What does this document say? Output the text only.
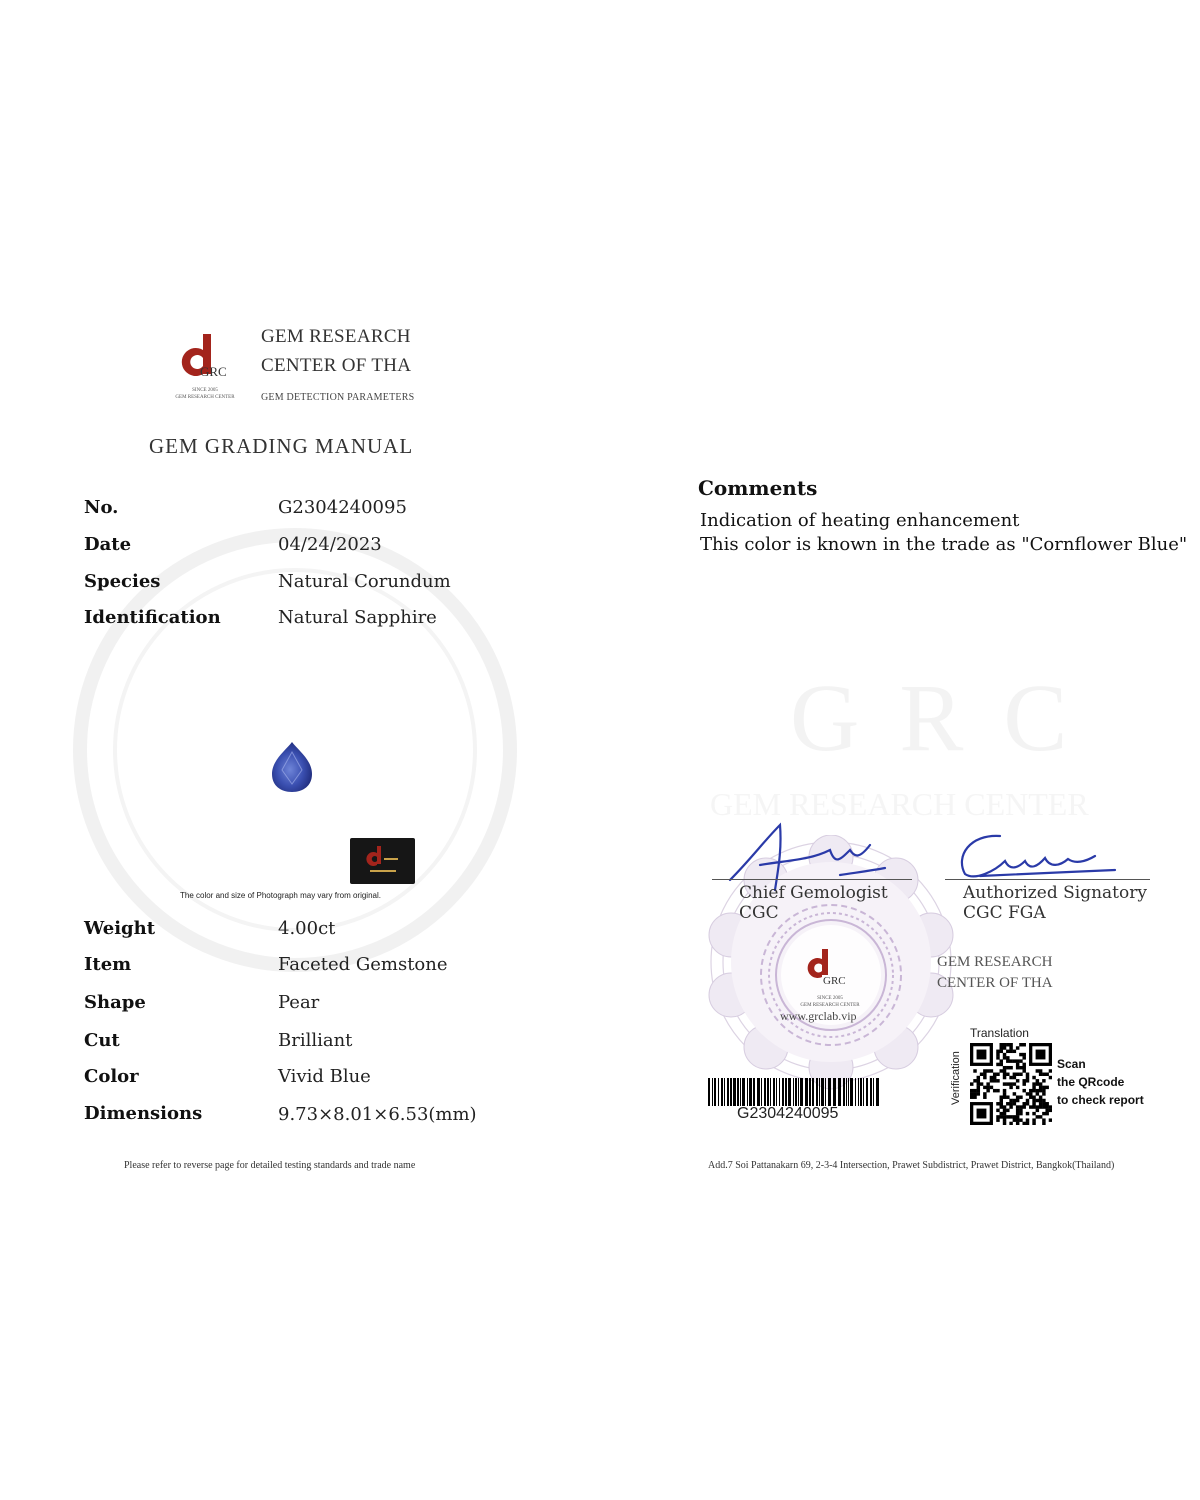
GRC
SINCE 2005
GEM RESEARCH CENTER
GEM RESEARCH
CENTER OF THA
GEM DETECTION PARAMETERS
GEM GRADING MANUAL
No.	G2304240095
Date	04/24/2023
Species	Natural Corundum
Identification	Natural Sapphire
The color and size of Photograph may vary from original.
Weight	4.00ct
Item	Faceted Gemstone
Shape	Pear
Cut	Brilliant
Color	Vivid Blue
Dimensions	9.73×8.01×6.53(mm)
Please refer to reverse page for detailed testing standards and trade name
Comments
Indication of heating enhancement
This color is known in the trade as "Cornflower Blue"
GRC
GEM RESEARCH CENTER
GRC
SINCE 2005
GEM RESEARCH CENTER
www.grclab.vip
Chief Gemologist
CGC
Authorized Signatory
CGC FGA
GEM RESEARCH
CENTER OF THA
G2304240095
Translation
Verification	Scan
the QRcode
to check report
Add.7 Soi Pattanakarn 69, 2-3-4 Intersection, Prawet Subdistrict, Prawet District, Bangkok(Thailand)
